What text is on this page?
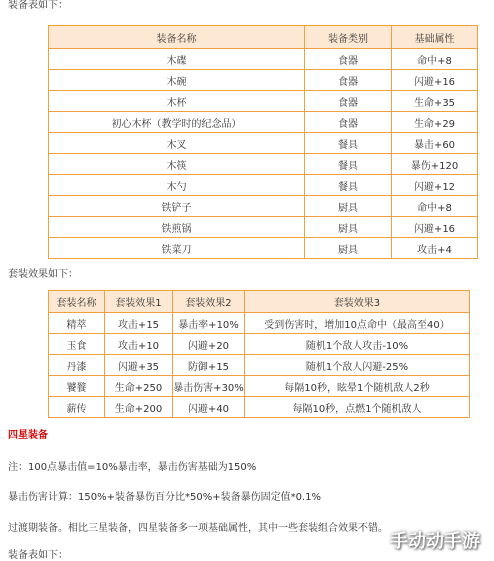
装备表如下：
装备名称	装备类别	基础属性
木碟	食器	命中+8
木碗	食器	闪避+16
木杯	食器	生命+35
初心木杯（教学时的纪念品）	食器	生命+29
木叉	餐具	暴击+60
木筷	餐具	暴伤+120
木勺	餐具	闪避+12
铁铲子	厨具	命中+8
铁煎锅	厨具	闪避+16
铁菜刀	厨具	攻击+4
套装效果如下：
套装名称	套装效果1	套装效果2	套装效果3
精萃	攻击+15	暴击率+10%	受到伤害时，增加10点命中（最高至40）
玉食	攻击+10	闪避+20	随机1个敌人攻击-10%
丹漆	闪避+35	防御+15	随机1个敌人闪避-25%
饕餮	生命+250	暴击伤害+30%	每隔10秒，眩晕1个随机敌人2秒
薪传	生命+200	闪避+40	每隔10秒，点燃1个随机敌人
四星装备
注：100点暴击值=10%暴击率，暴击伤害基础为150%
暴击伤害计算：150%+装备暴伤百分比*50%+装备暴伤固定值*0.1%
过渡期装备。相比三星装备，四星装备多一项基础属性，其中一些套装组合效果不错。
装备表如下：
手动动手游
